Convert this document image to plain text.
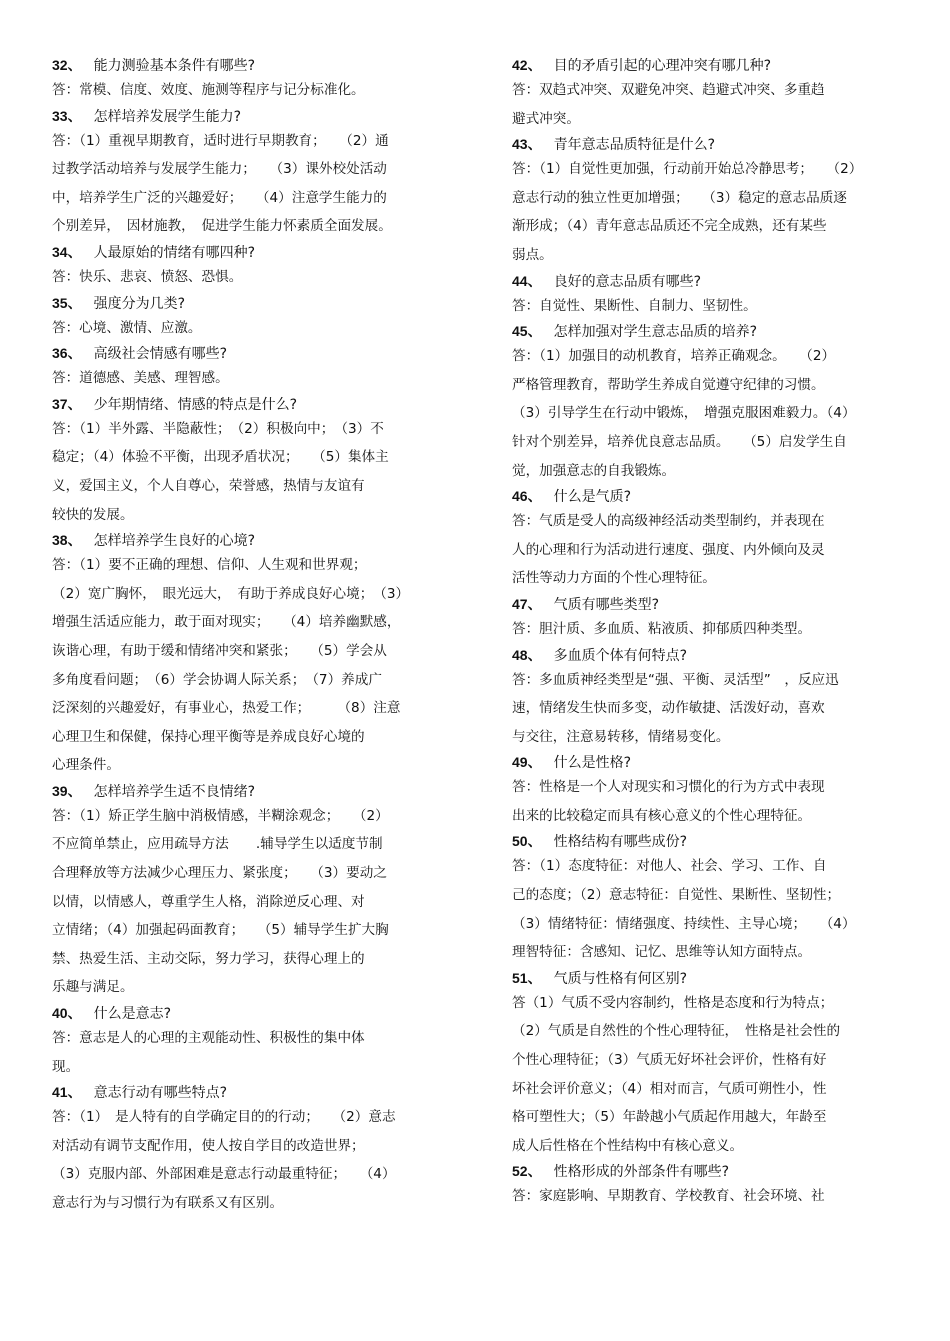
32、 能力测验基本条件有哪些?
答：常模、信度、效度、施测等程序与记分标准化。
33、 怎样培养发展学生能力?
答：（1）重视早期教育，适时进行早期教育；　　（2）通
过教学活动培养与发展学生能力；　　（3）课外校处活动
中，培养学生广泛的兴趣爱好；　　（4）注意学生能力的
个别差异，　因材施教，　促进学生能力怀素质全面发展。
34、 人最原始的情绪有哪四种?
答：快乐、悲哀、愤怒、恐惧。
35、 强度分为几类?
答：心境、激情、应激。
36、 高级社会情感有哪些?
答：道德感、美感、理智感。
37、 少年期情绪、情感的特点是什么?
答：（1）半外露、半隐蔽性；　（2）积极向中；　（3）不
稳定；（4）体验不平衡，出现矛盾状况；　　（5）集体主
义，爱国主义，个人自尊心，荣誉感，热情与友谊有
较快的发展。
38、 怎样培养学生良好的心境?
答：（1）要不正确的理想、信仰、人生观和世界观；
（2）宽广胸怀，　眼光远大，　有助于养成良好心境；　（3）
增强生活适应能力，敢于面对现实；　　（4）培养幽默感，
诙谐心理，有助于缓和情绪冲突和紧张；　　（5）学会从
多角度看问题；　（6）学会协调人际关系；　（7）养成广
泛深刻的兴趣爱好，有事业心，热爱工作；　　　（8）注意
心理卫生和保健，保持心理平衡等是养成良好心境的
心理条件。
39、 怎样培养学生适不良情绪?
答：（1）矫正学生脑中消极情感，半糊涂观念；　　（2）
不应简单禁止，应用疏导方法　　.辅导学生以适度节制
合理释放等方法减少心理压力、紧张度；　　（3）要动之
以情，以情感人，尊重学生人格，消除逆反心理、对
立情绪；（4）加强起码面教育；　　（5）辅导学生扩大胸
禁、热爱生活、主动交际，努力学习，获得心理上的
乐趣与满足。
40、 什么是意志?
答：意志是人的心理的主观能动性、积极性的集中体
现。
41、 意志行动有哪些特点?
答：（1）　是人特有的自学确定目的的行动；　　（2）意志
对活动有调节支配作用，使人按自学目的改造世界；
（3）克服内部、外部困难是意志行动最重特征；　　（4）
意志行为与习惯行为有联系又有区别。
42、 目的矛盾引起的心理冲突有哪几种?
答：双趋式冲突、双避免冲突、趋避式冲突、多重趋
避式冲突。
43、 青年意志品质特征是什么?
答：（1）自觉性更加强，行动前开始总冷静思考；　　（2）
意志行动的独立性更加增强；　　（3）稳定的意志品质逐
渐形成；（4）青年意志品质还不完全成熟，还有某些
弱点。
44、 良好的意志品质有哪些?
答：自觉性、果断性、自制力、坚韧性。
45、 怎样加强对学生意志品质的培养?
答：（1）加强目的动机教育，培养正确观念。　　（2）
严格管理教育，帮助学生养成自觉遵守纪律的习惯。
（3）引导学生在行动中锻炼，　增强克服困难毅力。（4）
针对个别差异，培养优良意志品质。　　（5）启发学生自
觉，加强意志的自我锻炼。
46、 什么是气质?
答：气质是受人的高级神经活动类型制约，并表现在
人的心理和行为活动进行速度、强度、内外倾向及灵
活性等动力方面的个性心理特征。
47、 气质有哪些类型?
答：胆汁质、多血质、粘液质、抑郁质四种类型。
48、 多血质个体有何特点?
答：多血质神经类型是“强、平衡、灵活型”　，反应迅
速，情绪发生快而多变，动作敏捷、活泼好动，喜欢
与交往，注意易转移，情绪易变化。
49、 什么是性格?
答：性格是一个人对现实和习惯化的行为方式中表现
出来的比较稳定而具有核心意义的个性心理特征。
50、 性格结构有哪些成份?
答：（1）态度特征：对他人、社会、学习、工作、自
己的态度；（2）意志特征：自觉性、果断性、坚韧性；
（3）情绪特征：情绪强度、持续性、主导心境；　　（4）
理智特征：含感知、记忆、思维等认知方面特点。
51、 气质与性格有何区别?
答（1）气质不受内容制约，性格是态度和行为特点；
（2）气质是自然性的个性心理特征，　性格是社会性的
个性心理特征；（3）气质无好坏社会评价，性格有好
坏社会评价意义；（4）相对而言，气质可朔性小，性
格可塑性大；（5）年龄越小气质起作用越大，年龄至
成人后性格在个性结构中有核心意义。
52、 性格形成的外部条件有哪些?
答：家庭影响、早期教育、学校教育、社会环境、社
